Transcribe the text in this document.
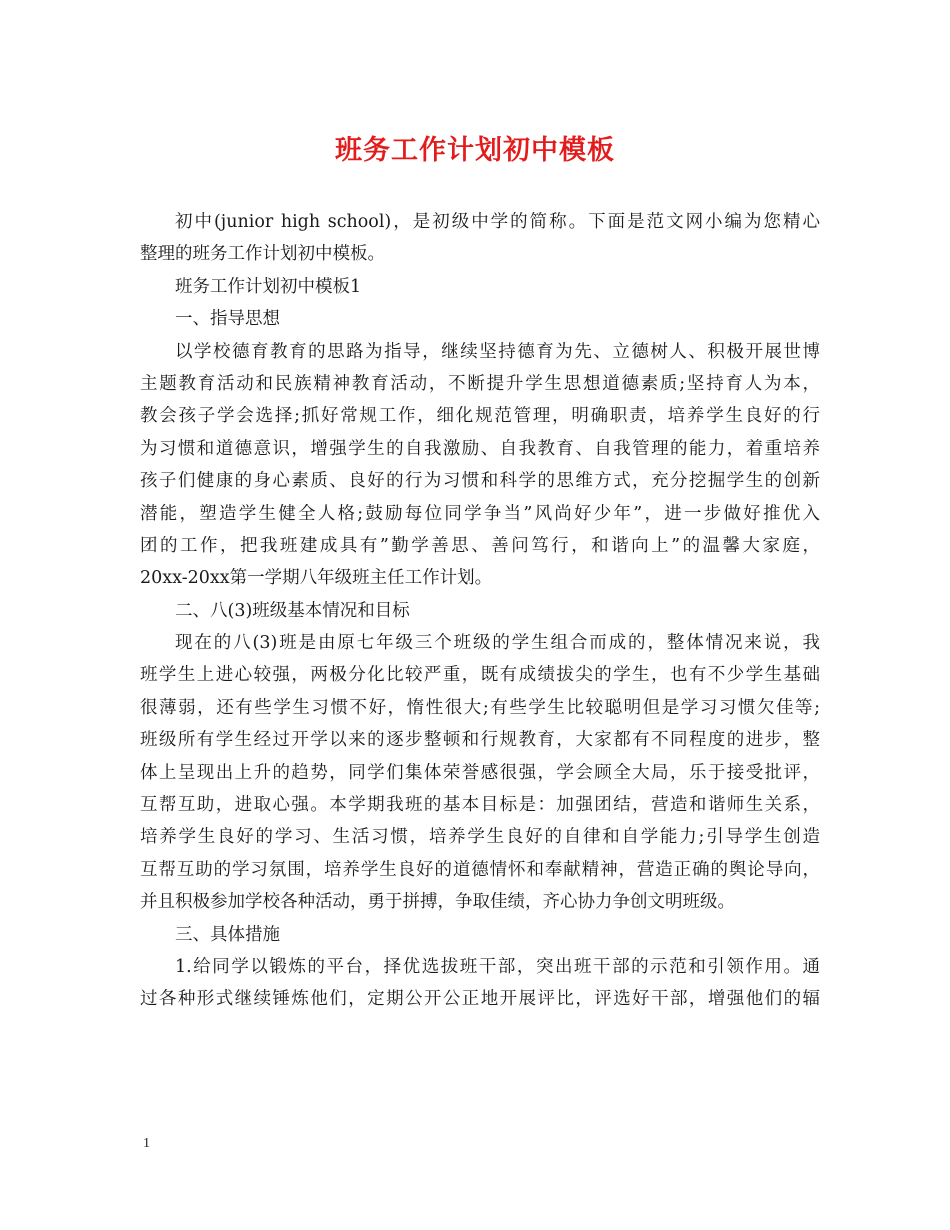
班务工作计划初中模板
初中(junior high school)，是初级中学的简称。下面是范文网小编为您精心
整理的班务工作计划初中模板。
班务工作计划初中模板1
一、指导思想
以学校德育教育的思路为指导，继续坚持德育为先、立德树人、积极开展世博
主题教育活动和民族精神教育活动，不断提升学生思想道德素质;坚持育人为本，
教会孩子学会选择;抓好常规工作，细化规范管理，明确职责，培养学生良好的行
为习惯和道德意识，增强学生的自我激励、自我教育、自我管理的能力，着重培养
孩子们健康的身心素质、良好的行为习惯和科学的思维方式，充分挖掘学生的创新
潜能，塑造学生健全人格;鼓励每位同学争当”风尚好少年”，进一步做好推优入
团的工作，把我班建成具有”勤学善思、善问笃行，和谐向上”的温馨大家庭，
20xx-20xx第一学期八年级班主任工作计划。
二、八(3)班级基本情况和目标
现在的八(3)班是由原七年级三个班级的学生组合而成的，整体情况来说，我
班学生上进心较强，两极分化比较严重，既有成绩拔尖的学生，也有不少学生基础
很薄弱，还有些学生习惯不好，惰性很大;有些学生比较聪明但是学习习惯欠佳等;
班级所有学生经过开学以来的逐步整顿和行规教育，大家都有不同程度的进步，整
体上呈现出上升的趋势，同学们集体荣誉感很强，学会顾全大局，乐于接受批评，
互帮互助，进取心强。本学期我班的基本目标是：加强团结，营造和谐师生关系，
培养学生良好的学习、生活习惯，培养学生良好的自律和自学能力;引导学生创造
互帮互助的学习氛围，培养学生良好的道德情怀和奉献精神，营造正确的舆论导向，
并且积极参加学校各种活动，勇于拼搏，争取佳绩，齐心协力争创文明班级。
三、具体措施
1.给同学以锻炼的平台，择优选拔班干部，突出班干部的示范和引领作用。通
过各种形式继续锤炼他们，定期公开公正地开展评比，评选好干部，增强他们的辐
1
